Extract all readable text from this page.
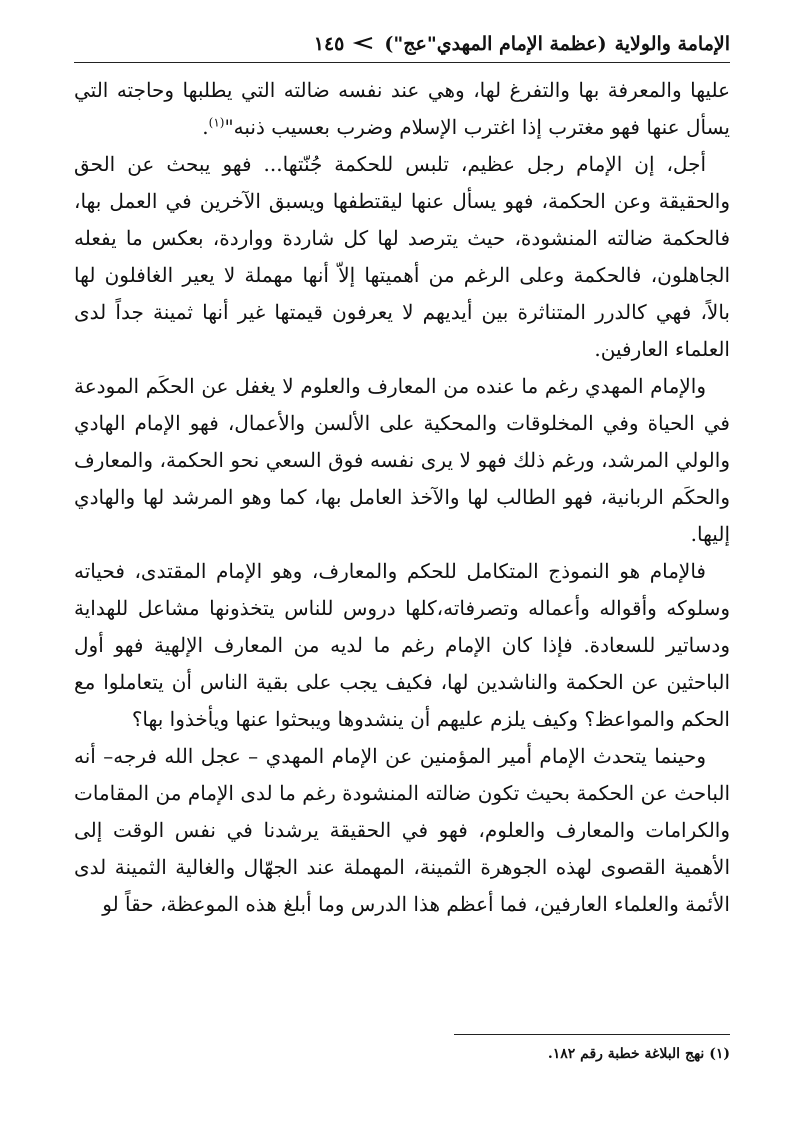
الإمامة والولاية
(عظمة الإمام المهدي"عج")
١٤٥

عليها والمعرفة بها والتفرغ لها، وهي عند نفسه ضالته التي يطلبها وحاجته التي يسأل عنها فهو مغترب إذا اغترب الإسلام وضرب بعسيب ذنبه"$^{(١)}$.

أجل، إن الإمام رجل عظيم، تلبس للحكمة جُنّتها... فهو يبحث عن الحق والحقيقة وعن الحكمة، فهو يسأل عنها ليقتطفها ويسبق الآخرين في العمل بها، فالحكمة ضالته المنشودة، حيث يترصد لها كل شاردة وواردة، بعكس ما يفعله الجاهلون، فالحكمة وعلى الرغم من أهميتها إلاّ أنها مهملة لا يعير الغافلون لها بالاً، فهي كالدرر المتناثرة بين أيديهم لا يعرفون قيمتها غير أنها ثمينة جداً لدى العلماء العارفين.

والإمام المهدي رغم ما عنده من المعارف والعلوم لا يغفل عن الحكَم المودعة في الحياة وفي المخلوقات والمحكية على الألسن والأعمال، فهو الإمام الهادي والولي المرشد، ورغم ذلك فهو لا يرى نفسه فوق السعي نحو الحكمة، والمعارف والحكَم الربانية، فهو الطالب لها والآخذ العامل بها، كما وهو المرشد لها والهادي إليها.

فالإمام هو النموذج المتكامل للحكم والمعارف، وهو الإمام المقتدى، فحياته وسلوكه وأقواله وأعماله وتصرفاته،كلها دروس للناس يتخذونها مشاعل للهداية ودساتير للسعادة. فإذا كان الإمام رغم ما لديه من المعارف الإلهية فهو أول الباحثين عن الحكمة والناشدين لها، فكيف يجب على بقية الناس أن يتعاملوا مع الحكم والمواعظ؟ وكيف يلزم عليهم أن ينشدوها ويبحثوا عنها ويأخذوا بها؟

وحينما يتحدث الإمام أمير المؤمنين عن الإمام المهدي – عجل الله فرجه– أنه الباحث عن الحكمة بحيث تكون ضالته المنشودة رغم ما لدى الإمام من المقامات والكرامات والمعارف والعلوم، فهو في الحقيقة يرشدنا في نفس الوقت إلى الأهمية القصوى لهذه الجوهرة الثمينة، المهملة عند الجهّال والغالية الثمينة لدى الأئمة والعلماء العارفين، فما أعظم هذا الدرس وما أبلغ هذه الموعظة، حقاً لو

(١) نهج البلاغة خطبة رقم ١٨٢.
